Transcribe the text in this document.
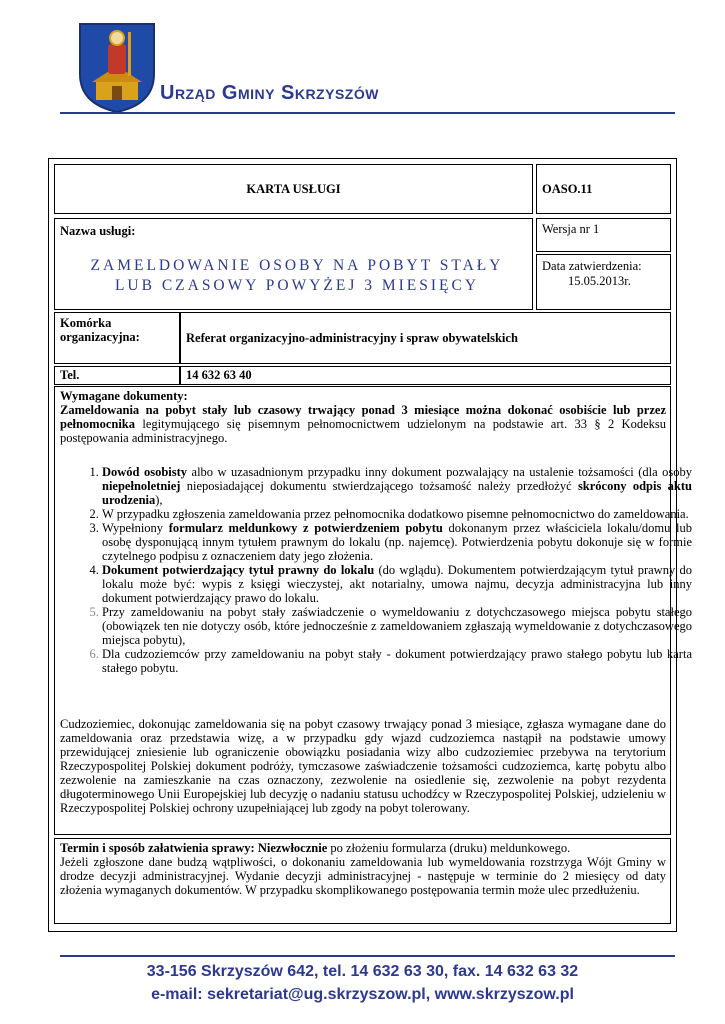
Urząd Gminy Skrzyszów
KARTA USŁUGI	OASO.11
Nazwa usługi:
ZAMELDOWANIE OSOBY NA POBYT STAŁY
LUB CZASOWY POWYŻEJ 3 MIESIĘCY
Wersja nr 1
Data zatwierdzenia:
15.05.2013r.
Komórka
organizacyjna:	Referat organizacyjno-administracyjny i spraw obywatelskich
Tel.	14 632 63 40
Wymagane dokumenty:
Zameldowania na pobyt stały lub czasowy trwający ponad 3 miesiące można dokonać osobiście lub przez pełnomocnika legitymującego się pisemnym pełnomocnictwem udzielonym na podstawie art. 33 § 2 Kodeksu postępowania administracyjnego.
1. Dowód osobisty albo w uzasadnionym przypadku inny dokument pozwalający na ustalenie tożsamości (dla osoby niepełnoletniej nieposiadającej dokumentu stwierdzającego tożsamość należy przedłożyć skrócony odpis aktu urodzenia),
2. W przypadku zgłoszenia zameldowania przez pełnomocnika dodatkowo pisemne pełnomocnictwo do zameldowania.
3. Wypełniony formularz meldunkowy z potwierdzeniem pobytu dokonanym przez właściciela lokalu/domu lub osobę dysponującą innym tytułem prawnym do lokalu (np. najemcę). Potwierdzenia pobytu dokonuje się w formie czytelnego podpisu z oznaczeniem daty jego złożenia.
4. Dokument potwierdzający tytuł prawny do lokalu (do wglądu). Dokumentem potwierdzającym tytuł prawny do lokalu może być: wypis z księgi wieczystej, akt notarialny, umowa najmu, decyzja administracyjna lub inny dokument potwierdzający prawo do lokalu.
5. Przy zameldowaniu na pobyt stały zaświadczenie o wymeldowaniu z dotychczasowego miejsca pobytu stałego (obowiązek ten nie dotyczy osób, które jednocześnie z zameldowaniem zgłaszają wymeldowanie z dotychczasowego miejsca pobytu),
6. Dla cudzoziemców przy zameldowaniu na pobyt stały - dokument potwierdzający prawo stałego pobytu lub karta stałego pobytu.
Cudzoziemiec, dokonując zameldowania się na pobyt czasowy trwający ponad 3 miesiące, zgłasza wymagane dane do zameldowania oraz przedstawia wizę, a w przypadku gdy wjazd cudzoziemca nastąpił na podstawie umowy przewidującej zniesienie lub ograniczenie obowiązku posiadania wizy albo cudzoziemiec przebywa na terytorium Rzeczypospolitej Polskiej dokument podróży, tymczasowe zaświadczenie tożsamości cudzoziemca, kartę pobytu albo zezwolenie na zamieszkanie na czas oznaczony, zezwolenie na osiedlenie się, zezwolenie na pobyt rezydenta długoterminowego Unii Europejskiej lub decyzję o nadaniu statusu uchodźcy w Rzeczypospolitej Polskiej, udzieleniu w Rzeczypospolitej Polskiej ochrony uzupełniającej lub zgody na pobyt tolerowany.
Termin i sposób załatwienia sprawy: Niezwłocznie po złożeniu formularza (druku) meldunkowego.
Jeżeli zgłoszone dane budzą wątpliwości, o dokonaniu zameldowania lub wymeldowania rozstrzyga Wójt Gminy w drodze decyzji administracyjnej. Wydanie decyzji administracyjnej - następuje w terminie do 2 miesięcy od daty złożenia wymaganych dokumentów. W przypadku skomplikowanego postępowania termin może ulec przedłużeniu.
33-156 Skrzyszów 642, tel. 14 632 63 30, fax. 14 632 63 32
e-mail: sekretariat@ug.skrzyszow.pl, www.skrzyszow.pl
